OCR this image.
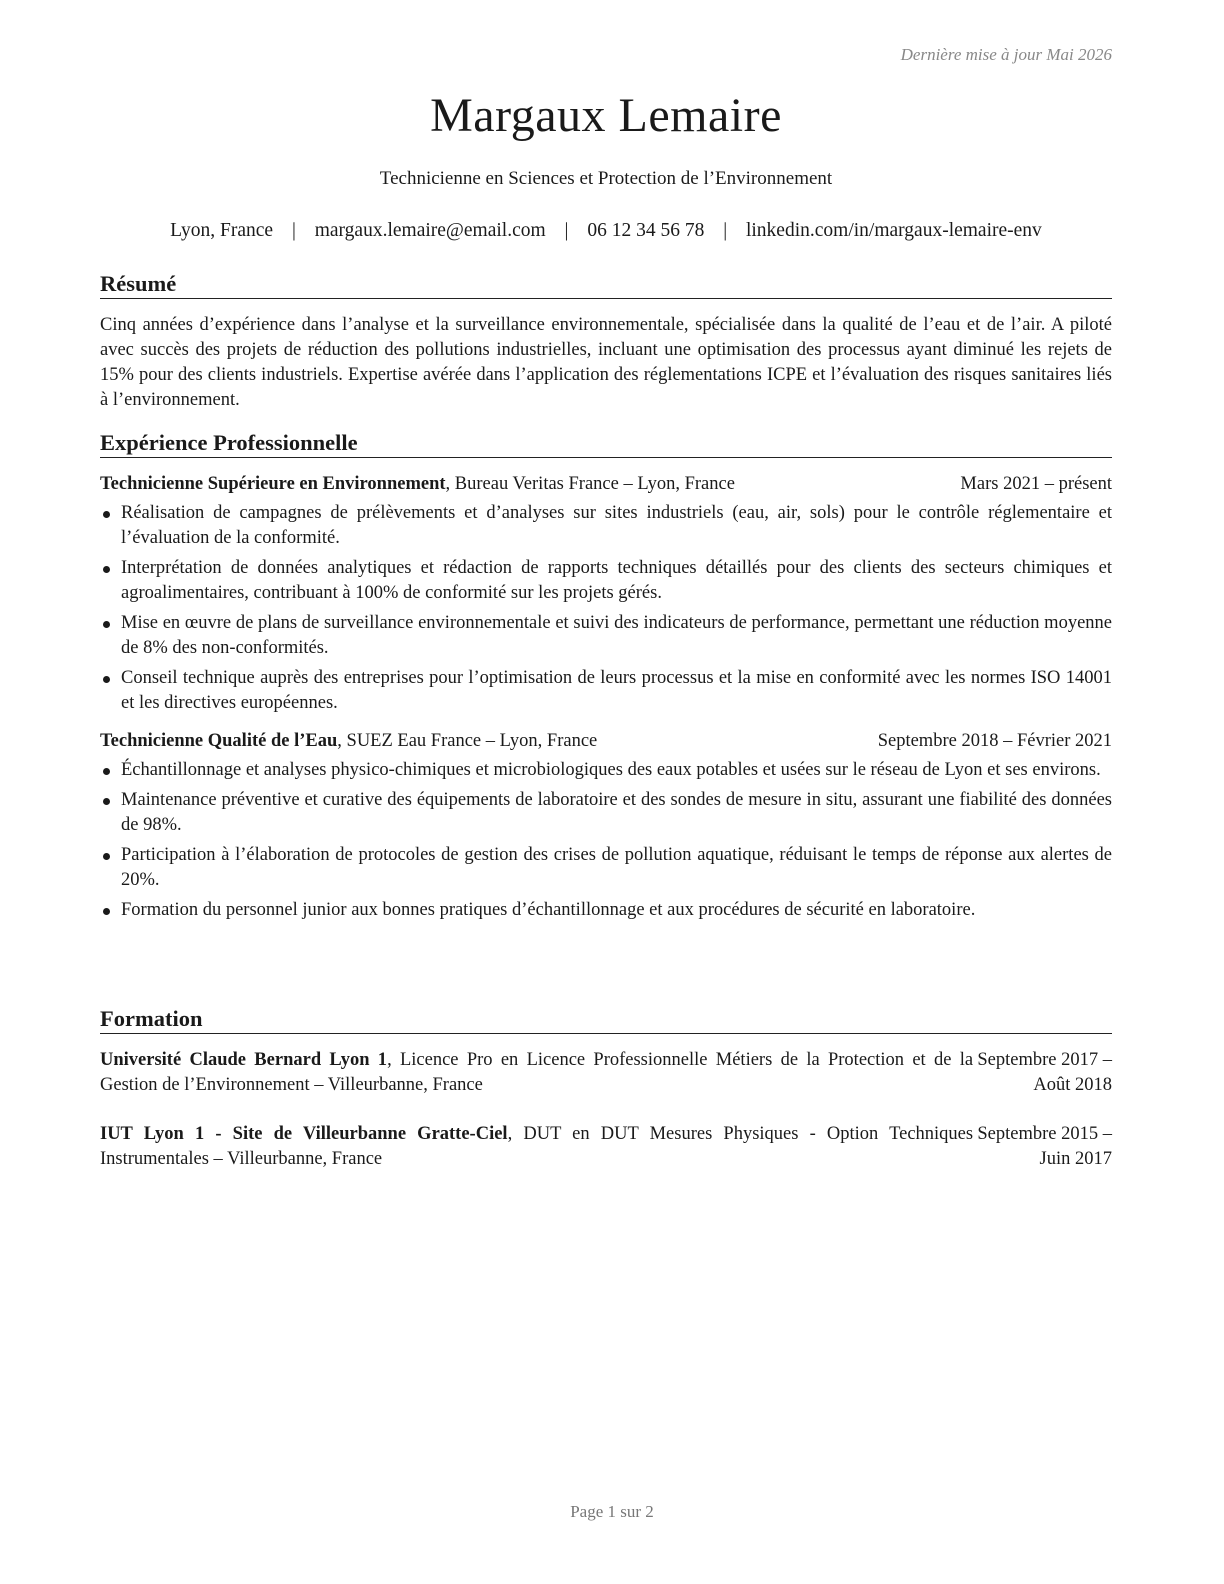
Dernière mise à jour Mai 2026
Margaux Lemaire
Technicienne en Sciences et Protection de l’Environnement
Lyon, France | margaux.lemaire@email.com | 06 12 34 56 78 | linkedin.com/in/margaux-lemaire-env
Résumé
Cinq années d’expérience dans l’analyse et la surveillance environnementale, spécialisée dans la qualité de l’eau et de l’air. A piloté avec succès des projets de réduction des pollutions industrielles, incluant une optimisation des processus ayant diminué les rejets de 15% pour des clients industriels. Expertise avérée dans l’application des réglementations ICPE et l’évaluation des risques sanitaires liés à l’environnement.
Expérience Professionnelle
Technicienne Supérieure en Environnement, Bureau Veritas France – Lyon, France	Mars 2021 – présent
Réalisation de campagnes de prélèvements et d’analyses sur sites industriels (eau, air, sols) pour le contrôle réglementaire et l’évaluation de la conformité.
Interprétation de données analytiques et rédaction de rapports techniques détaillés pour des clients des secteurs chimiques et agroalimentaires, contribuant à 100% de conformité sur les projets gérés.
Mise en œuvre de plans de surveillance environnementale et suivi des indicateurs de performance, permettant une réduction moyenne de 8% des non-conformités.
Conseil technique auprès des entreprises pour l’optimisation de leurs processus et la mise en conformité avec les normes ISO 14001 et les directives européennes.
Technicienne Qualité de l’Eau, SUEZ Eau France – Lyon, France	Septembre 2018 – Février 2021
Échantillonnage et analyses physico-chimiques et microbiologiques des eaux potables et usées sur le réseau de Lyon et ses environs.
Maintenance préventive et curative des équipements de laboratoire et des sondes de mesure in situ, assurant une fiabilité des données de 98%.
Participation à l’élaboration de protocoles de gestion des crises de pollution aquatique, réduisant le temps de réponse aux alertes de 20%.
Formation du personnel junior aux bonnes pratiques d’échantillonnage et aux procédures de sécurité en laboratoire.
Formation
Université Claude Bernard Lyon 1, Licence Pro en Licence Professionnelle Métiers de la Protection et de la Gestion de l’Environnement – Villeurbanne, France
Septembre 2017 – Août 2018
IUT Lyon 1 - Site de Villeurbanne Gratte-Ciel, DUT en DUT Mesures Physiques - Option Techniques Instrumentales – Villeurbanne, France
Septembre 2015 – Juin 2017
Page 1 sur 2
